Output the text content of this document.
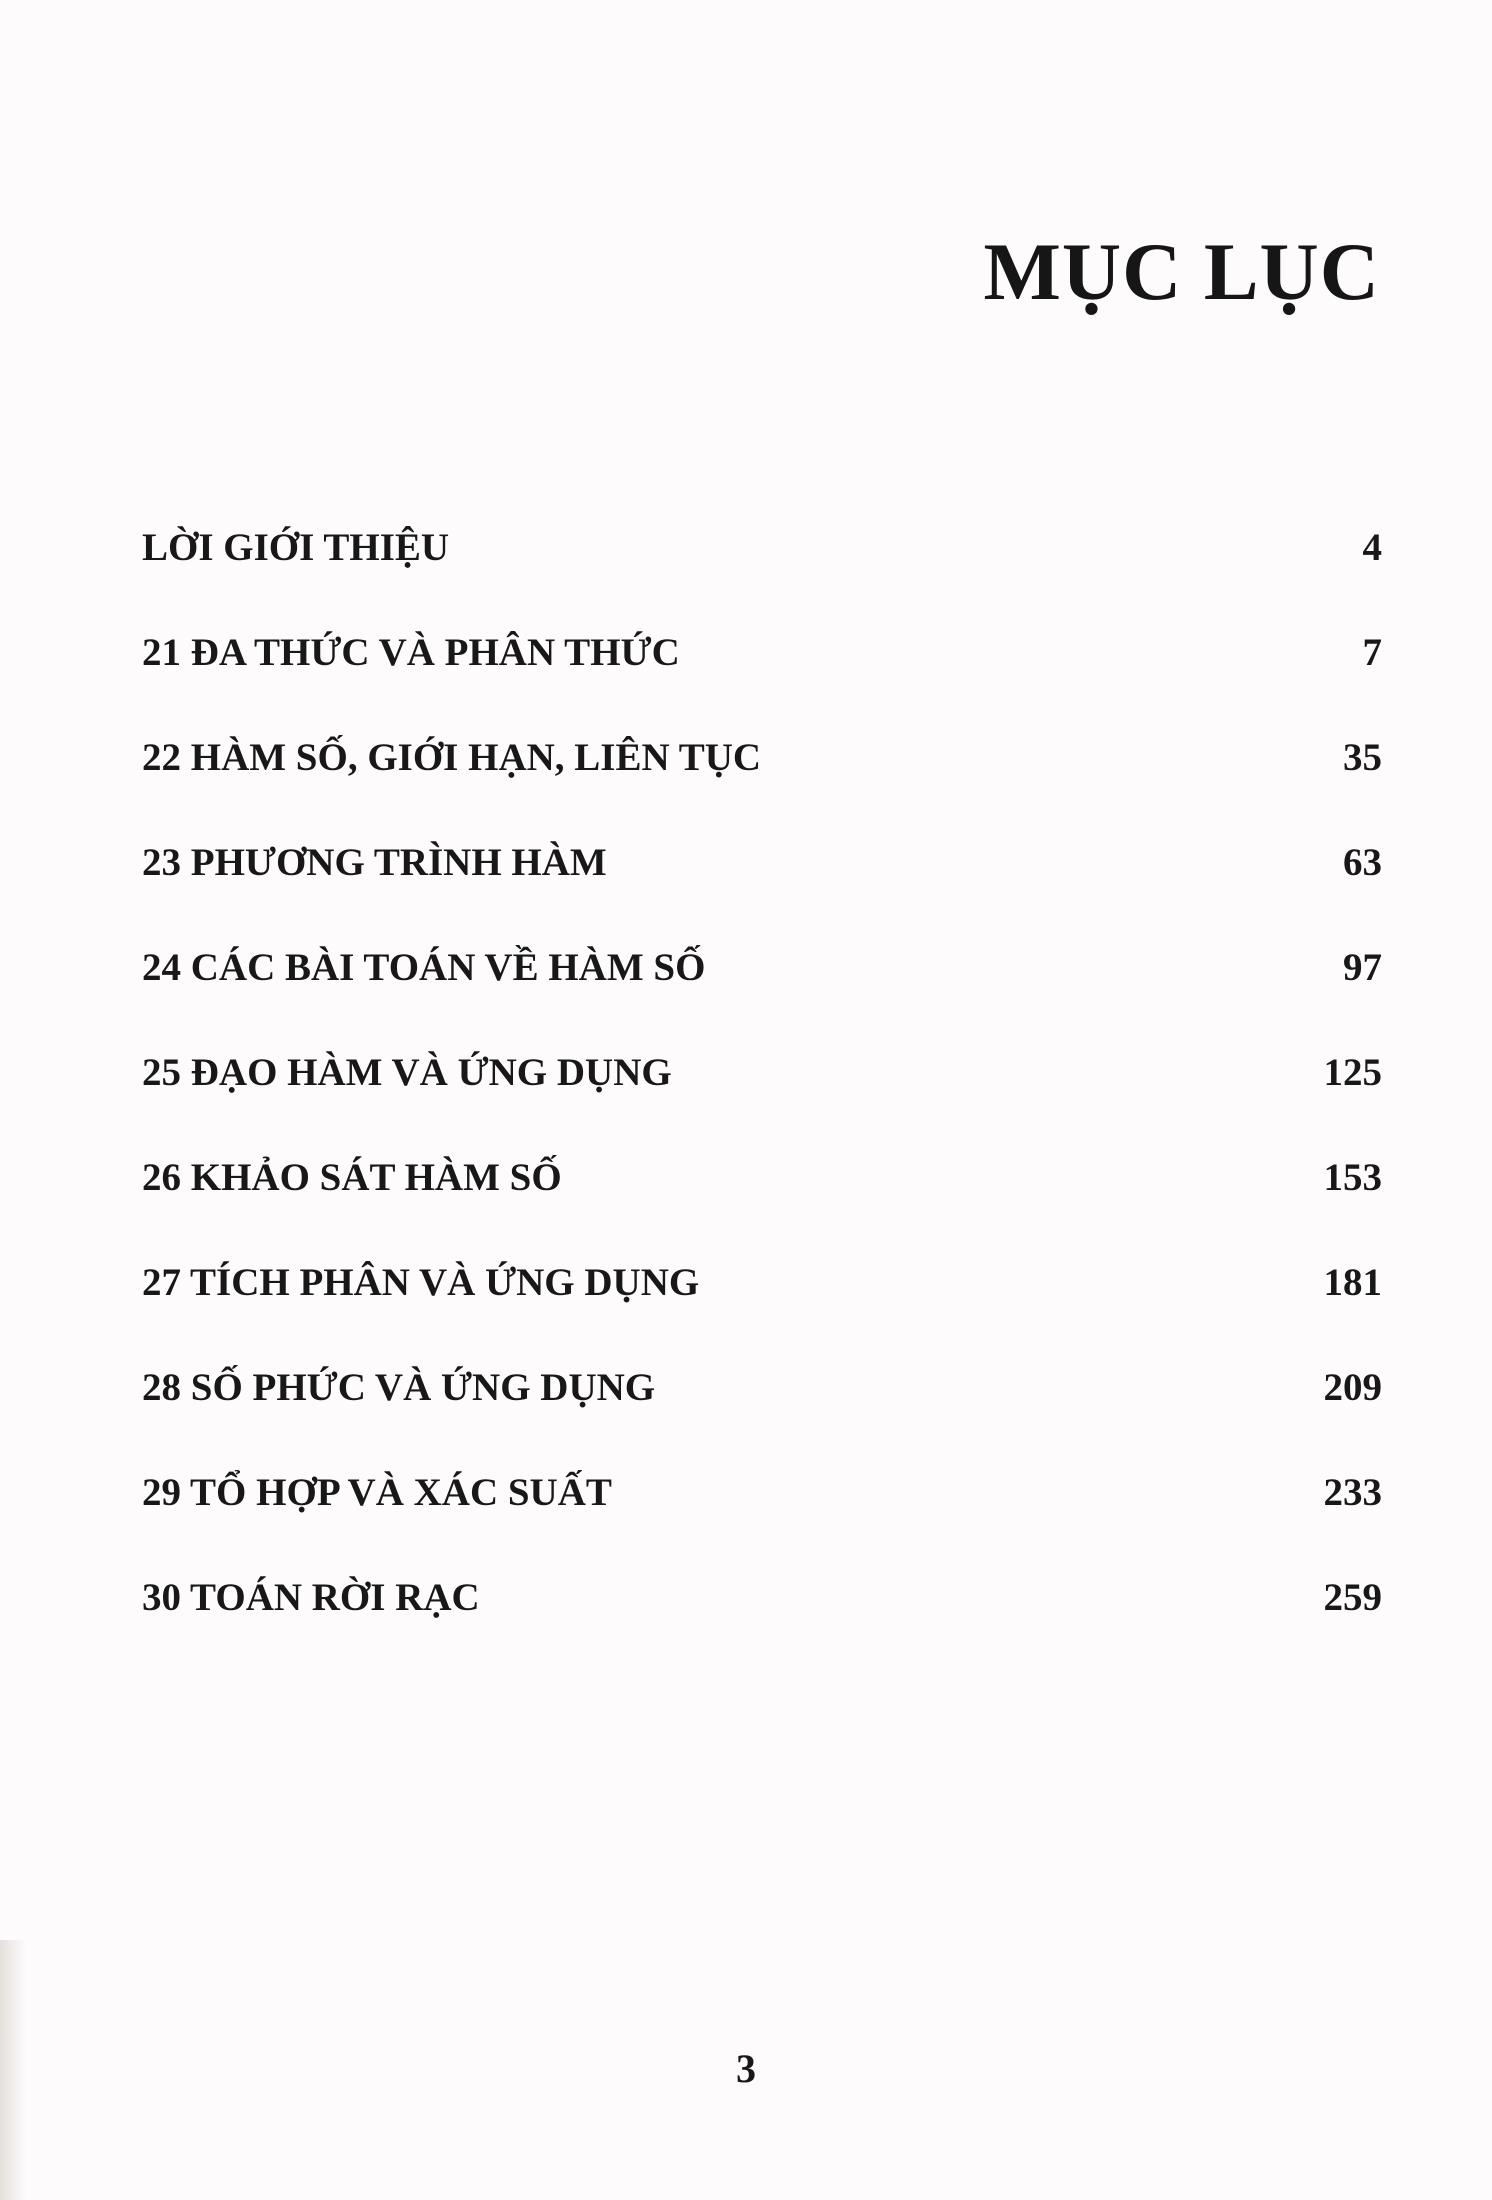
MỤC LỤC
LỜI GIỚI THIỆU	4
21 ĐA THỨC VÀ PHÂN THỨC	7
22 HÀM SỐ, GIỚI HẠN, LIÊN TỤC	35
23 PHƯƠNG TRÌNH HÀM	63
24 CÁC BÀI TOÁN VỀ HÀM SỐ	97
25 ĐẠO HÀM VÀ ỨNG DỤNG	125
26 KHẢO SÁT HÀM SỐ	153
27 TÍCH PHÂN VÀ ỨNG DỤNG	181
28 SỐ PHỨC VÀ ỨNG DỤNG	209
29 TỔ HỢP VÀ XÁC SUẤT	233
30 TOÁN RỜI RẠC	259
3
